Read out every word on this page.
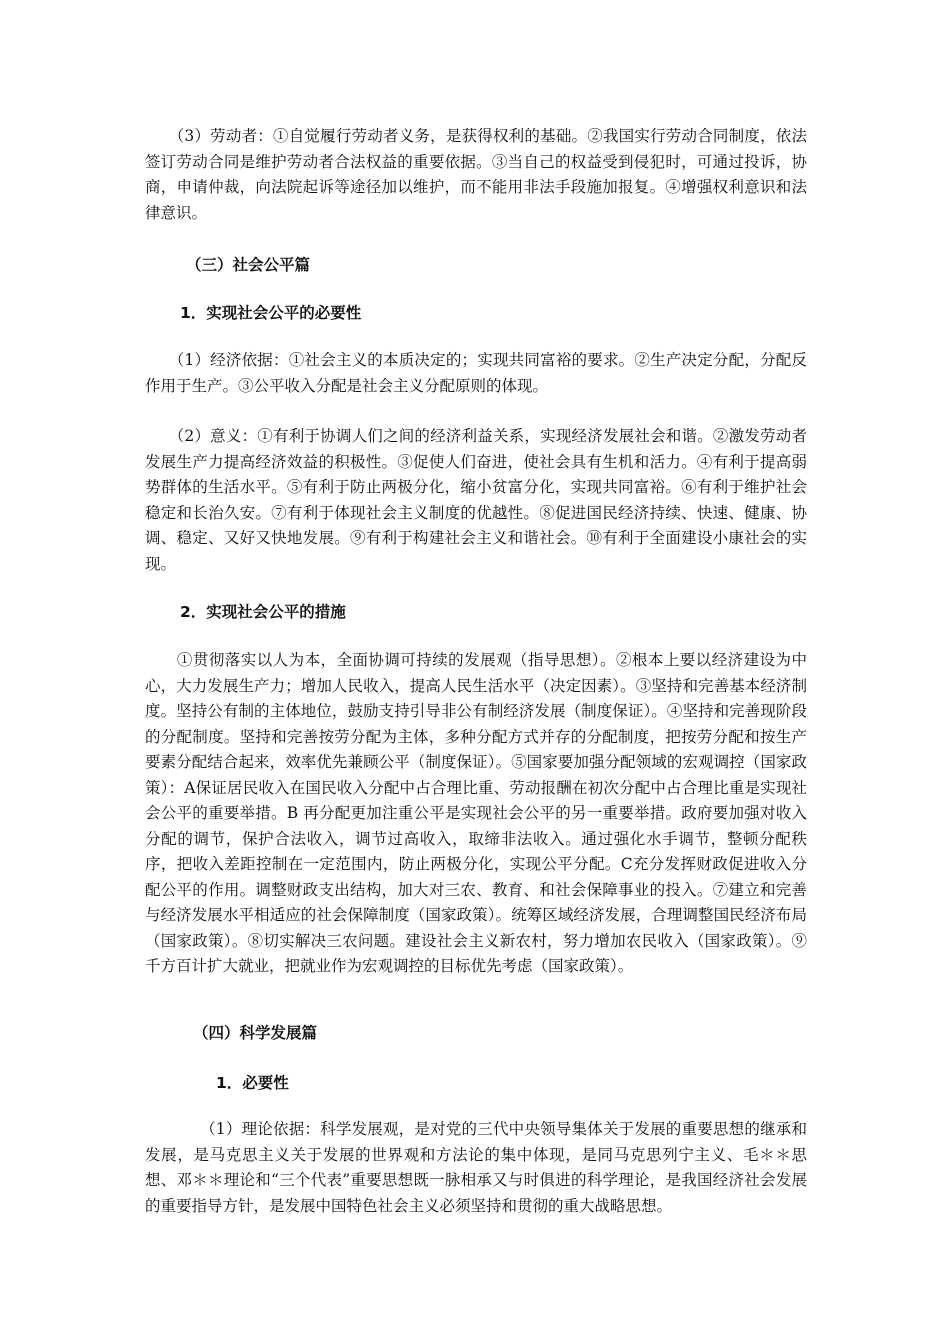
　　（3）劳动者：①自觉履行劳动者义务，是获得权利的基础。②我国实行劳动合同制度，依法签订劳动合同是维护劳动者合法权益的重要依据。③当自己的权益受到侵犯时，可通过投诉，协商，申请仲裁，向法院起诉等途径加以维护，而不能用非法手段施加报复。④增强权利意识和法律意识。

（三）社会公平篇

1．实现社会公平的必要性

　　（1）经济依据：①社会主义的本质决定的；实现共同富裕的要求。②生产决定分配，分配反作用于生产。③公平收入分配是社会主义分配原则的体现。

　　（2）意义：①有利于协调人们之间的经济利益关系，实现经济发展社会和谐。②激发劳动者发展生产力提高经济效益的积极性。③促使人们奋进，使社会具有生机和活力。④有利于提高弱势群体的生活水平。⑤有利于防止两极分化，缩小贫富分化，实现共同富裕。⑥有利于维护社会稳定和长治久安。⑦有利于体现社会主义制度的优越性。⑧促进国民经济持续、快速、健康、协调、稳定、又好又快地发展。⑨有利于构建社会主义和谐社会。⑩有利于全面建设小康社会的实现。

2．实现社会公平的措施

　　①贯彻落实以人为本，全面协调可持续的发展观（指导思想）。②根本上要以经济建设为中心，大力发展生产力；增加人民收入，提高人民生活水平（决定因素）。③坚持和完善基本经济制度。坚持公有制的主体地位，鼓励支持引导非公有制经济发展（制度保证）。④坚持和完善现阶段的分配制度。坚持和完善按劳分配为主体，多种分配方式并存的分配制度，把按劳分配和按生产要素分配结合起来，效率优先兼顾公平（制度保证）。⑤国家要加强分配领域的宏观调控（国家政策）：A保证居民收入在国民收入分配中占合理比重、劳动报酬在初次分配中占合理比重是实现社会公平的重要举措。B 再分配更加注重公平是实现社会公平的另一重要举措。政府要加强对收入分配的调节，保护合法收入，调节过高收入，取缔非法收入。通过强化水手调节，整顿分配秩序，把收入差距控制在一定范围内，防止两极分化，实现公平分配。C充分发挥财政促进收入分配公平的作用。调整财政支出结构，加大对三农、教育、和社会保障事业的投入。⑦建立和完善与经济发展水平相适应的社会保障制度（国家政策）。统筹区域经济发展，合理调整国民经济布局（国家政策）。⑧切实解决三农问题。建设社会主义新农村，努力增加农民收入（国家政策）。⑨千方百计扩大就业，把就业作为宏观调控的目标优先考虑（国家政策）。

（四）科学发展篇

1．必要性

　　　　（1）理论依据：科学发展观，是对党的三代中央领导集体关于发展的重要思想的继承和发展，是马克思主义关于发展的世界观和方法论的集中体现，是同马克思列宁主义、毛＊＊思想、邓＊＊理论和“三个代表”重要思想既一脉相承又与时俱进的科学理论，是我国经济社会发展的重要指导方针，是发展中国特色社会主义必须坚持和贯彻的重大战略思想。
